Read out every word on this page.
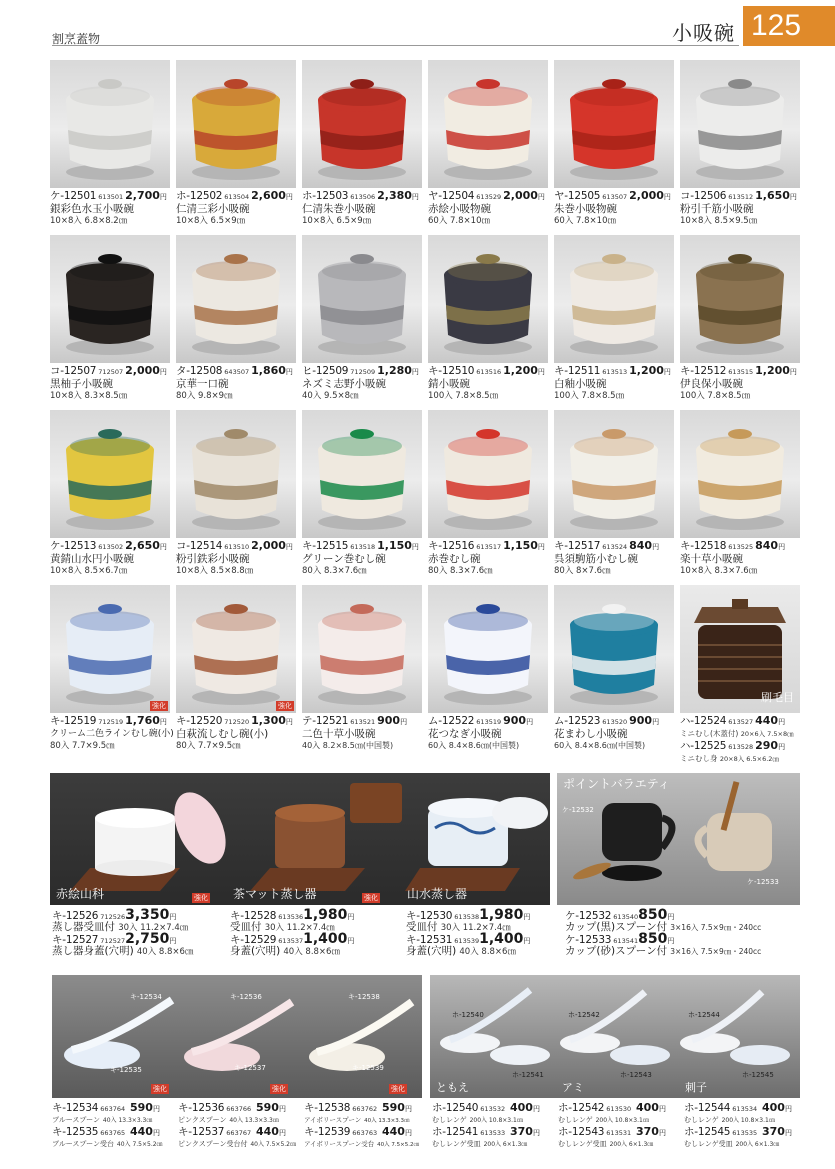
割烹蓋物	小吸碗 125
ケ-12501 613501 2,700円
銀彩色水玉小吸碗
10×8入 6.8×8.2㎝
ホ-12502 613504 2,600円
仁清三彩小吸碗
10×8入 6.5×9㎝
ホ-12503 613506 2,380円
仁清朱巻小吸碗
10×8入 6.5×9㎝
ヤ-12504 613529 2,000円
赤絵小吸物碗
60入 7.8×10㎝
ヤ-12505 613507 2,000円
朱巻小吸物碗
60入 7.8×10㎝
コ-12506 613512 1,650円
粉引千筋小吸碗
10×8入 8.5×9.5㎝
コ-12507 712507 2,000円
黒柚子小吸碗
10×8入 8.3×8.5㎝
タ-12508 643507 1,860円
京華一口碗
80入 9.8×9㎝
ヒ-12509 712509 1,280円
ネズミ志野小吸碗
40入 9.5×8㎝
キ-12510 613516 1,200円
錆小吸碗
100入 7.8×8.5㎝
キ-12511 613513 1,200円
白釉小吸碗
100入 7.8×8.5㎝
キ-12512 613515 1,200円
伊良保小吸碗
100入 7.8×8.5㎝
ケ-12513 613502 2,650円
黄錆山水円小吸碗
10×8入 8.5×6.7㎝
コ-12514 613510 2,000円
粉引鉄彩小吸碗
10×8入 8.5×8.8㎝
キ-12515 613518 1,150円
グリーン巻むし碗
80入 8.3×7.6㎝
キ-12516 613517 1,150円
赤巻むし碗
80入 8.3×7.6㎝
キ-12517 613524 840円
呉須駒筋小むし碗
80入 8×7.6㎝
キ-12518 613525 840円
楽十草小吸碗
10×8入 8.3×7.6㎝
強化
キ-12519 712519 1,760円
クリーム二色ラインむし碗(小)
80入 7.7×9.5㎝
強化
キ-12520 712520 1,300円
白萩流しむし碗(小)
80入 7.7×9.5㎝
テ-12521 613521 900円
二色十草小吸碗
40入 8.2×8.5㎝(中国製)
ム-12522 613519 900円
花つなぎ小吸碗
60入 8.4×8.6㎝(中国製)
ム-12523 613520 900円
花まわし小吸碗
60入 8.4×8.6㎝(中国製)
刷毛目
ハ-12524 613527 440円
ミニむし(木蓋付) 20×6入 7.5×8㎝
ハ-12525 613528 290円
ミニむし身 20×8入 6.5×6.2㎝
赤絵山科	強化 茶マット蒸し器	強化 山水蒸し器
ポイントバラエティ
ケ-12532
ケ-12533
キ-12526 7125263,350円
蒸し器受皿付 30入 11.2×7.4㎝
キ-12527 7125272,750円
蒸し器身蓋(穴明) 40入 8.8×6㎝
キ-12528 6135361,980円
受皿付 30入 11.2×7.4㎝
キ-12529 6135371,400円
身蓋(穴明) 40入 8.8×6㎝
キ-12530 6135381,980円
受皿付 30入 11.2×7.4㎝
キ-12531 6135391,400円
身蓋(穴明) 40入 8.8×6㎝
ケ-12532 613540850円
カップ(黒)スプーン付 3×16入 7.5×9㎝・240cc
ケ-12533 613541850円
カップ(砂)スプーン付 3×16入 7.5×9㎝・240cc
キ-12534
キ-12535
キ-12536
キ-12537
キ-12538
キ-12539
強化	強化	強化
ホ-12540
ホ-12541
ホ-12542
ホ-12543
ホ-12544
ホ-12545
ともえ	アミ	刺子
キ-12534 663764 590円
ブルースプーン 40入 13.3×3.3㎝
キ-12535 663765 440円
ブルースプーン受台 40入 7.5×5.2㎝
キ-12536 663766 590円
ピンクスプーン 40入 13.3×3.3㎝
キ-12537 663767 440円
ピンクスプーン受台付 40入 7.5×5.2㎝
キ-12538 663762 590円
アイボリースプーン 40入 13.3×3.3㎝
キ-12539 663763 440円
アイボリースプーン受台 40入 7.5×5.2㎝
ホ-12540 613532 400円
むしレンゲ 200入 10.8×3.1㎝
ホ-12541 613533 370円
むしレンゲ受皿 200入 6×1.3㎝
ホ-12542 613530 400円
むしレンゲ 200入 10.8×3.1㎝
ホ-12543 613531 370円
むしレンゲ受皿 200入 6×1.3㎝
ホ-12544 613534 400円
むしレンゲ 200入 10.8×3.1㎝
ホ-12545 613535 370円
むしレンゲ受皿 200入 6×1.3㎝
